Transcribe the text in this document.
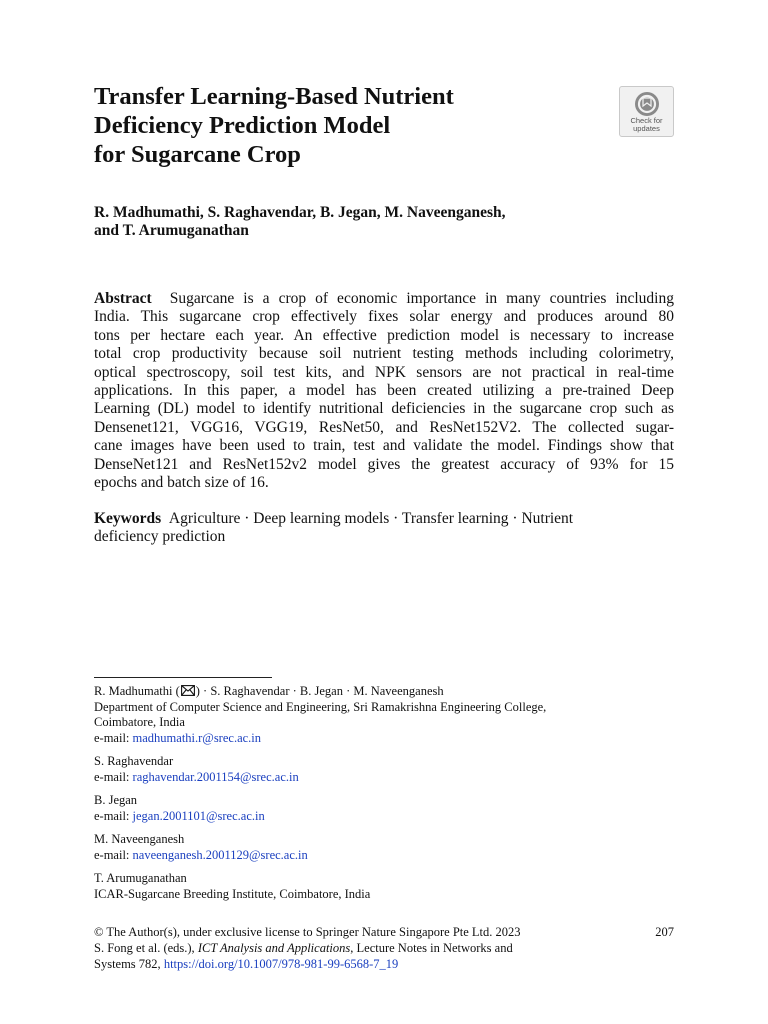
Transfer Learning-Based Nutrient
Deficiency Prediction Model
for Sugarcane Crop
Check for
updates
R. Madhumathi, S. Raghavendar, B. Jegan, M. Naveenganesh,
and T. Arumuganathan
Abstract Sugarcane is a crop of economic importance in many countries including
India. This sugarcane crop effectively fixes solar energy and produces around 80
tons per hectare each year. An effective prediction model is necessary to increase
total crop productivity because soil nutrient testing methods including colorimetry,
optical spectroscopy, soil test kits, and NPK sensors are not practical in real-time
applications. In this paper, a model has been created utilizing a pre-trained Deep
Learning (DL) model to identify nutritional deficiencies in the sugarcane crop such as
Densenet121, VGG16, VGG19, ResNet50, and ResNet152V2. The collected sugar-
cane images have been used to train, test and validate the model. Findings show that
DenseNet121 and ResNet152v2 model gives the greatest accuracy of 93% for 15
epochs and batch size of 16.
Keywords Agriculture · Deep learning models · Transfer learning · Nutrient
deficiency prediction
R. Madhumathi ( ) · S. Raghavendar · B. Jegan · M. Naveenganesh
Department of Computer Science and Engineering, Sri Ramakrishna Engineering College,
Coimbatore, India
e-mail: madhumathi.r@srec.ac.in
S. Raghavendar
e-mail: raghavendar.2001154@srec.ac.in
B. Jegan
e-mail: jegan.2001101@srec.ac.in
M. Naveenganesh
e-mail: naveenganesh.2001129@srec.ac.in
T. Arumuganathan
ICAR-Sugarcane Breeding Institute, Coimbatore, India
207
© The Author(s), under exclusive license to Springer Nature Singapore Pte Ltd. 2023
S. Fong et al. (eds.), ICT Analysis and Applications, Lecture Notes in Networks and
Systems 782, https://doi.org/10.1007/978-981-99-6568-7_19
